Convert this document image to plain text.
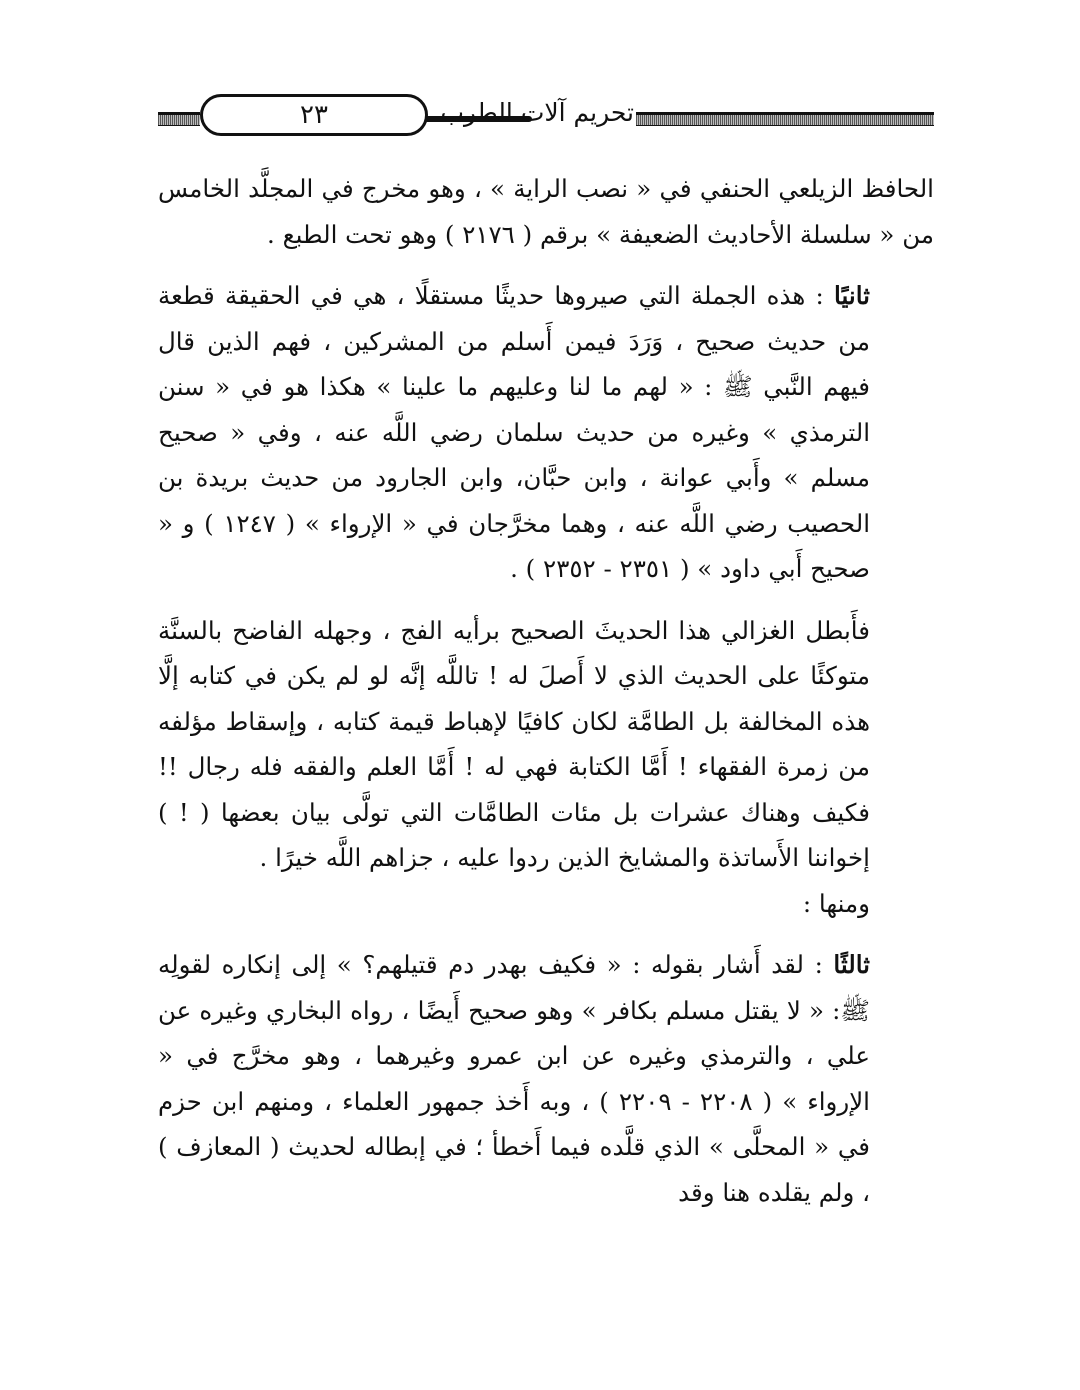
٢٣	تحريم آلات الطرب

الحافظ الزيلعي الحنفي في « نصب الراية » ، وهو مخرج في المجلَّد الخامس من « سلسلة الأحاديث الضعيفة » برقم ( ٢١٧٦ ) وهو تحت الطبع .

ثانيًا : هذه الجملة التي صيروها حديثًا مستقلًا ، هي في الحقيقة قطعة من حديث صحيح ، وَرَدَ فيمن أَسلم من المشركين ، فهم الذين قال فيهم النَّبي ﷺ : « لهم ما لنا وعليهم ما علينا » هكذا هو في « سنن الترمذي » وغيره من حديث سلمان رضي اللَّه عنه ، وفي « صحيح مسلم » وأَبي عوانة ، وابن حبَّان، وابن الجارود من حديث بريدة بن الحصيب رضي اللَّه عنه ، وهما مخرَّجان في « الإرواء » ( ١٢٤٧ ) و « صحيح أَبي داود » ( ٢٣٥١ - ٢٣٥٢ ) .

فأَبطل الغزالي هذا الحديثَ الصحيح برأيه الفج ، وجهله الفاضح بالسنَّة متوكئًا على الحديث الذي لا أَصلَ له ! تاللَّه إنَّه لو لم يكن في كتابه إلَّا هذه المخالفة بل الطامَّة لكان كافيًا لإهباط قيمة كتابه ، وإسقاط مؤلفه من زمرة الفقهاء ! أَمَّا الكتابة فهي له ! أَمَّا العلم والفقه فله رجال !! فكيف وهناك عشرات بل مئات الطامَّات التي تولَّى بيان بعضها ( ! ) إخواننا الأَساتذة والمشايخ الذين ردوا عليه ، جزاهم اللَّه خيرًا .

ومنها :

ثالثًا : لقد أَشار بقوله : « فكيف بهدر دم قتيلهم؟ » إلى إنكاره لقولِه ﷺ: « لا يقتل مسلم بكافر » وهو صحيح أَيضًا ، رواه البخاري وغيره عن علي ، والترمذي وغيره عن ابن عمرو وغيرهما ، وهو مخرَّج في « الإرواء » ( ٢٢٠٨ - ٢٢٠٩ ) ، وبه أَخذ جمهور العلماء ، ومنهم ابن حزم في « المحلَّى » الذي قلَّده فيما أَخطأ ؛ في إبطاله لحديث ( المعازف ) ، ولم يقلده هنا وقد
